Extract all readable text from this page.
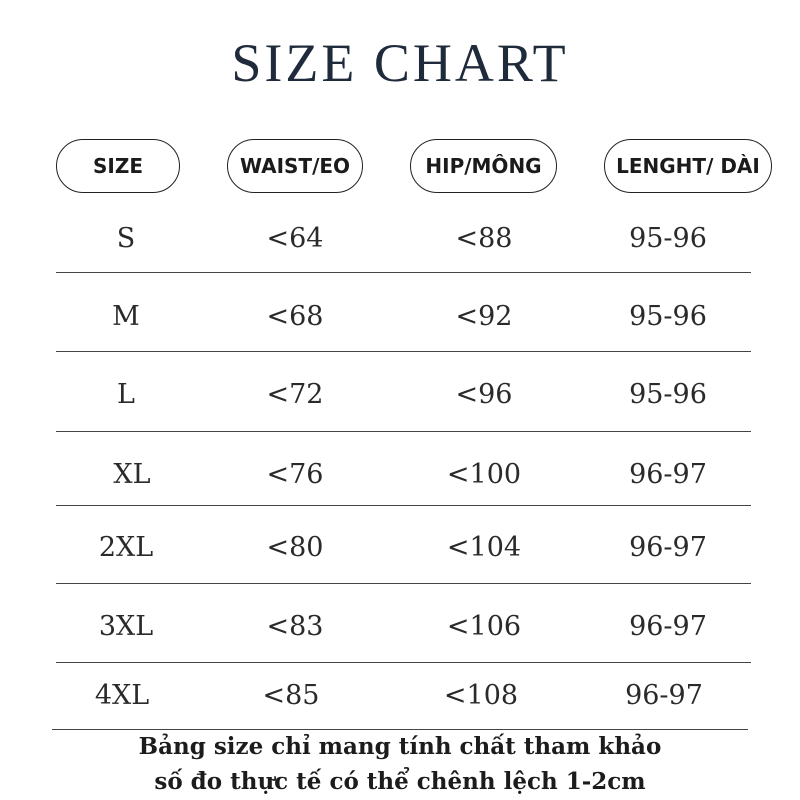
SIZE CHART
SIZE	WAIST/EO	HIP/MÔNG	LENGHT/ DÀI
S	<64	<88	95-96
M	<68	<92	95-96
L	<72	<96	95-96
XL	<76	<100	96-97
2XL	<80	<104	96-97
3XL	<83	<106	96-97
4XL	<85	<108	96-97
Bảng size chỉ mang tính chất tham khảo
số đo thực tế có thể chênh lệch 1-2cm
